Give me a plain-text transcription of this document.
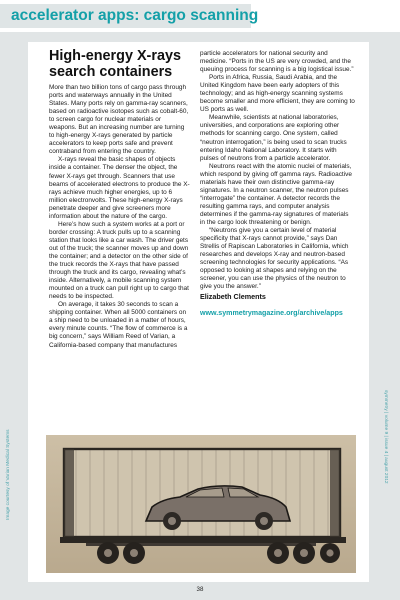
accelerator apps: cargo scanning
High-energy X-rays search containers

More than two billion tons of cargo pass through ports and waterways annually in the United States. Many ports rely on gamma-ray scanners, based on radioactive isotopes such as cobalt-60, to screen cargo for nuclear materials or weapons. But an increasing number are turning to high-energy X-rays generated by particle accelerators to keep ports safe and prevent contraband from entering the country.

X-rays reveal the basic shapes of objects inside a container. The denser the object, the fewer X-rays get through. Scanners that use beams of accelerated electrons to produce the X-rays achieve much higher energies, up to 6 million electronvolts. These high-energy X-rays penetrate deeper and give screeners more information about the nature of the cargo.

Here’s how such a system works at a port or border crossing: A truck pulls up to a scanning station that looks like a car wash. The driver gets out of the truck; the scanner moves up and down the container; and a detector on the other side of the truck records the X-rays that have passed through the truck and its cargo, revealing what’s inside. Alternatively, a mobile scanning system mounted on a truck can pull right up to cargo that needs to be inspected.

On average, it takes 30 seconds to scan a shipping container. When all 5000 containers on a ship need to be unloaded in a matter of hours, every minute counts. “The flow of commerce is a big concern,” says William Reed of Varian, a California-based company that manufactures

particle accelerators for national security and medicine. “Ports in the US are very crowded, and the queuing process for scanning is a big logistical issue.”

Ports in Africa, Russia, Saudi Arabia, and the United Kingdom have been early adopters of this technology; and as high-energy scanning systems become smaller and more efficient, they are coming to US ports as well.

Meanwhile, scientists at national laboratories, universities, and corporations are exploring other methods for scanning cargo. One system, called “neutron interrogation,” is being used to scan trucks entering Idaho National Laboratory. It starts with pulses of neutrons from a particle accelerator.

Neutrons react with the atomic nuclei of materials, which respond by giving off gamma rays. Radioactive materials have their own distinctive gamma-ray signatures. In a neutron scanner, the neutron pulses “interrogate” the container. A detector records the resulting gamma rays, and computer analysis determines if the gamma-ray signatures of materials in the cargo look threatening or benign.

“Neutrons give you a certain level of material specificity that X-rays cannot provide,” says Dan Strellis of Rapiscan Laboratories in California, which researches and develops X-ray and neutron-based screening technologies for security applications. “As opposed to looking at shapes and relying on the screener, you can use the physics of the neutron to give you the answer.”

Elizabeth Clements
www.symmetrymagazine.org/archive/apps
Image courtesy of Varian Medical Systems	symmetry | volume 9 | issue 4 | august 2012
38
